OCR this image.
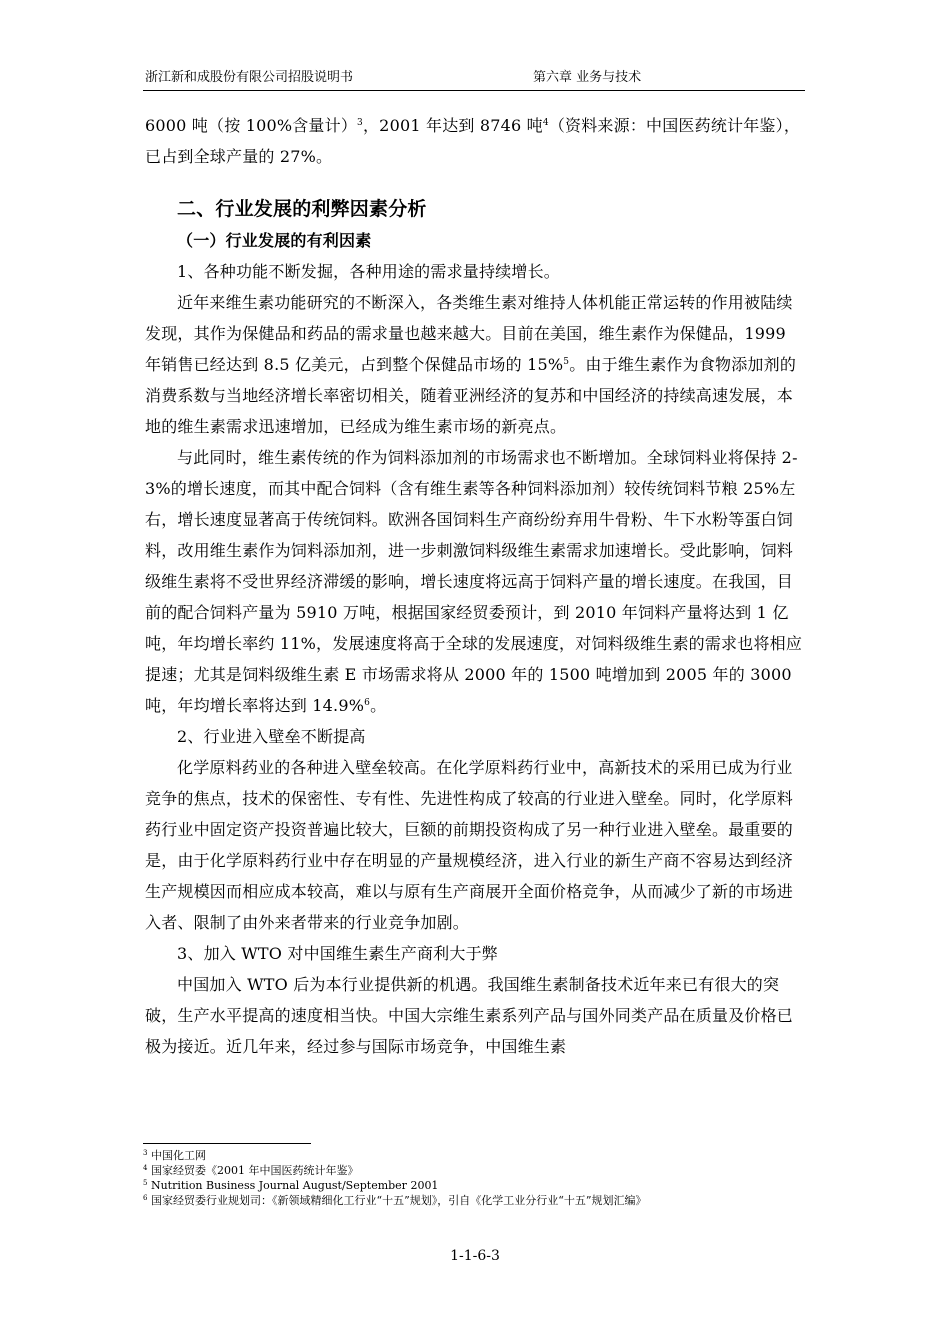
浙江新和成股份有限公司招股说明书	第六章 业务与技术

6000 吨（按 100%含量计）$^3$，2001 年达到 8746 吨$^4$（资料来源：中国医药统计年鉴），已占到全球产量的 27%。

二、行业发展的利弊因素分析

（一）行业发展的有利因素

1、各种功能不断发掘，各种用途的需求量持续增长。

近年来维生素功能研究的不断深入，各类维生素对维持人体机能正常运转的作用被陆续发现，其作为保健品和药品的需求量也越来越大。目前在美国，维生素作为保健品，1999 年销售已经达到 8.5 亿美元，占到整个保健品市场的 15%$^5$。由于维生素作为食物添加剂的消费系数与当地经济增长率密切相关，随着亚洲经济的复苏和中国经济的持续高速发展，本地的维生素需求迅速增加，已经成为维生素市场的新亮点。

与此同时，维生素传统的作为饲料添加剂的市场需求也不断增加。全球饲料业将保持 2-3%的增长速度，而其中配合饲料（含有维生素等各种饲料添加剂）较传统饲料节粮 25%左右，增长速度显著高于传统饲料。欧洲各国饲料生产商纷纷弃用牛骨粉、牛下水粉等蛋白饲料，改用维生素作为饲料添加剂，进一步刺激饲料级维生素需求加速增长。受此影响，饲料级维生素将不受世界经济滞缓的影响，增长速度将远高于饲料产量的增长速度。在我国，目前的配合饲料产量为 5910 万吨，根据国家经贸委预计，到 2010 年饲料产量将达到 1 亿吨，年均增长率约 11%，发展速度将高于全球的发展速度，对饲料级维生素的需求也将相应提速；尤其是饲料级维生素 E 市场需求将从 2000 年的 1500 吨增加到 2005 年的 3000 吨，年均增长率将达到 14.9%$^6$。

2、行业进入壁垒不断提高

化学原料药业的各种进入壁垒较高。在化学原料药行业中，高新技术的采用已成为行业竞争的焦点，技术的保密性、专有性、先进性构成了较高的行业进入壁垒。同时，化学原料药行业中固定资产投资普遍比较大，巨额的前期投资构成了另一种行业进入壁垒。最重要的是，由于化学原料药行业中存在明显的产量规模经济，进入行业的新生产商不容易达到经济生产规模因而相应成本较高，难以与原有生产商展开全面价格竞争，从而减少了新的市场进入者、限制了由外来者带来的行业竞争加剧。

3、加入 WTO 对中国维生素生产商利大于弊

中国加入 WTO 后为本行业提供新的机遇。我国维生素制备技术近年来已有很大的突破，生产水平提高的速度相当快。中国大宗维生素系列产品与国外同类产品在质量及价格已极为接近。近几年来，经过参与国际市场竞争，中国维生素

$^3$ 中国化工网
$^4$ 国家经贸委《2001 年中国医药统计年鉴》
$^5$ Nutrition Business Journal August/September 2001
$^6$ 国家经贸委行业规划司：《新领域精细化工行业“十五”规划》，引自《化学工业分行业“十五”规划汇编》
1-1-6-3
